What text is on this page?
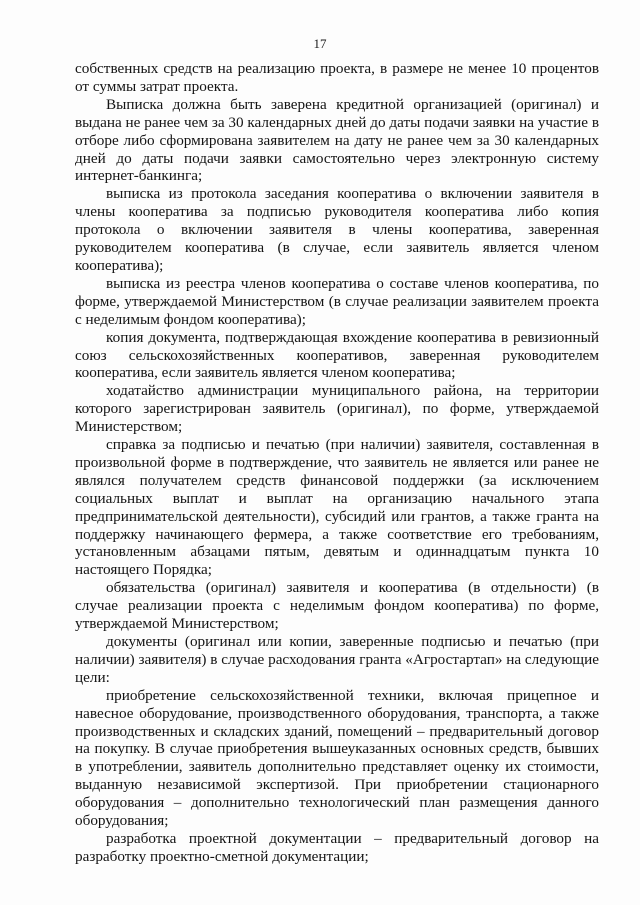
17

собственных средств на реализацию проекта, в размере не менее 10 процентов от суммы затрат проекта.

Выписка должна быть заверена кредитной организацией (оригинал) и выдана не ранее чем за 30 календарных дней до даты подачи заявки на участие в отборе либо сформирована заявителем на дату не ранее чем за 30 календарных дней до даты подачи заявки самостоятельно через электронную систему интернет-банкинга;

выписка из протокола заседания кооператива о включении заявителя в члены кооператива за подписью руководителя кооператива либо копия протокола о включении заявителя в члены кооператива, заверенная руководителем кооператива (в случае, если заявитель является членом кооператива);

выписка из реестра членов кооператива о составе членов кооператива, по форме, утверждаемой Министерством (в случае реализации заявителем проекта с неделимым фондом кооператива);

копия документа, подтверждающая вхождение кооператива в ревизионный союз сельскохозяйственных кооперативов, заверенная руководителем кооператива, если заявитель является членом кооператива;

ходатайство администрации муниципального района, на территории которого зарегистрирован заявитель (оригинал), по форме, утверждаемой Министерством;

справка за подписью и печатью (при наличии) заявителя, составленная в произвольной форме в подтверждение, что заявитель не является или ранее не являлся получателем средств финансовой поддержки (за исключением социальных выплат и выплат на организацию начального этапа предпринимательской деятельности), субсидий или грантов, а также гранта на поддержку начинающего фермера, а также соответствие его требованиям, установленным абзацами пятым, девятым и одиннадцатым пункта 10 настоящего Порядка;

обязательства (оригинал) заявителя и кооператива (в отдельности) (в случае реализации проекта с неделимым фондом кооператива) по форме, утверждаемой Министерством;

документы (оригинал или копии, заверенные подписью и печатью (при наличии) заявителя) в случае расходования гранта «Агростартап» на следующие цели:

приобретение сельскохозяйственной техники, включая прицепное и навесное оборудование, производственного оборудования, транспорта, а также производственных и складских зданий, помещений – предварительный договор на покупку. В случае приобретения вышеуказанных основных средств, бывших в употреблении, заявитель дополнительно представляет оценку их стоимости, выданную независимой экспертизой. При приобретении стационарного оборудования – дополнительно технологический план размещения данного оборудования;

разработка проектной документации – предварительный договор на разработку проектно-сметной документации;
